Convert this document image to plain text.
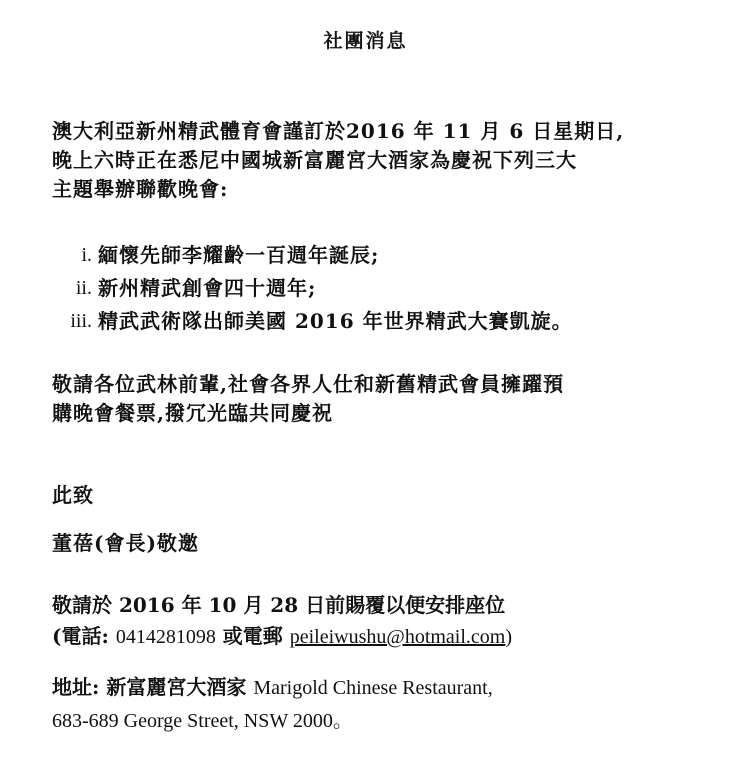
社團消息
澳大利亞新州精武體育會謹訂於2016 年 11 月 6 日星期日,
晚上六時正在悉尼中國城新富麗宮大酒家為慶祝下列三大
主題舉辦聯歡晚會:
i. 緬懷先師李耀齡一百週年誕辰;
ii. 新州精武創會四十週年;
iii. 精武武術隊出師美國 2016 年世界精武大賽凱旋。
敬請各位武林前輩,社會各界人仕和新舊精武會員擁躍預
購晚會餐票,撥冗光臨共同慶祝
此致
董蓓(會長)敬邀
敬請於 2016 年 10 月 28 日前賜覆以便安排座位
(電話: 0414281098 或電郵 peileiwushu@hotmail.com)
地址: 新富麗宮大酒家 Marigold Chinese Restaurant,
683-689 George Street, NSW 2000。
